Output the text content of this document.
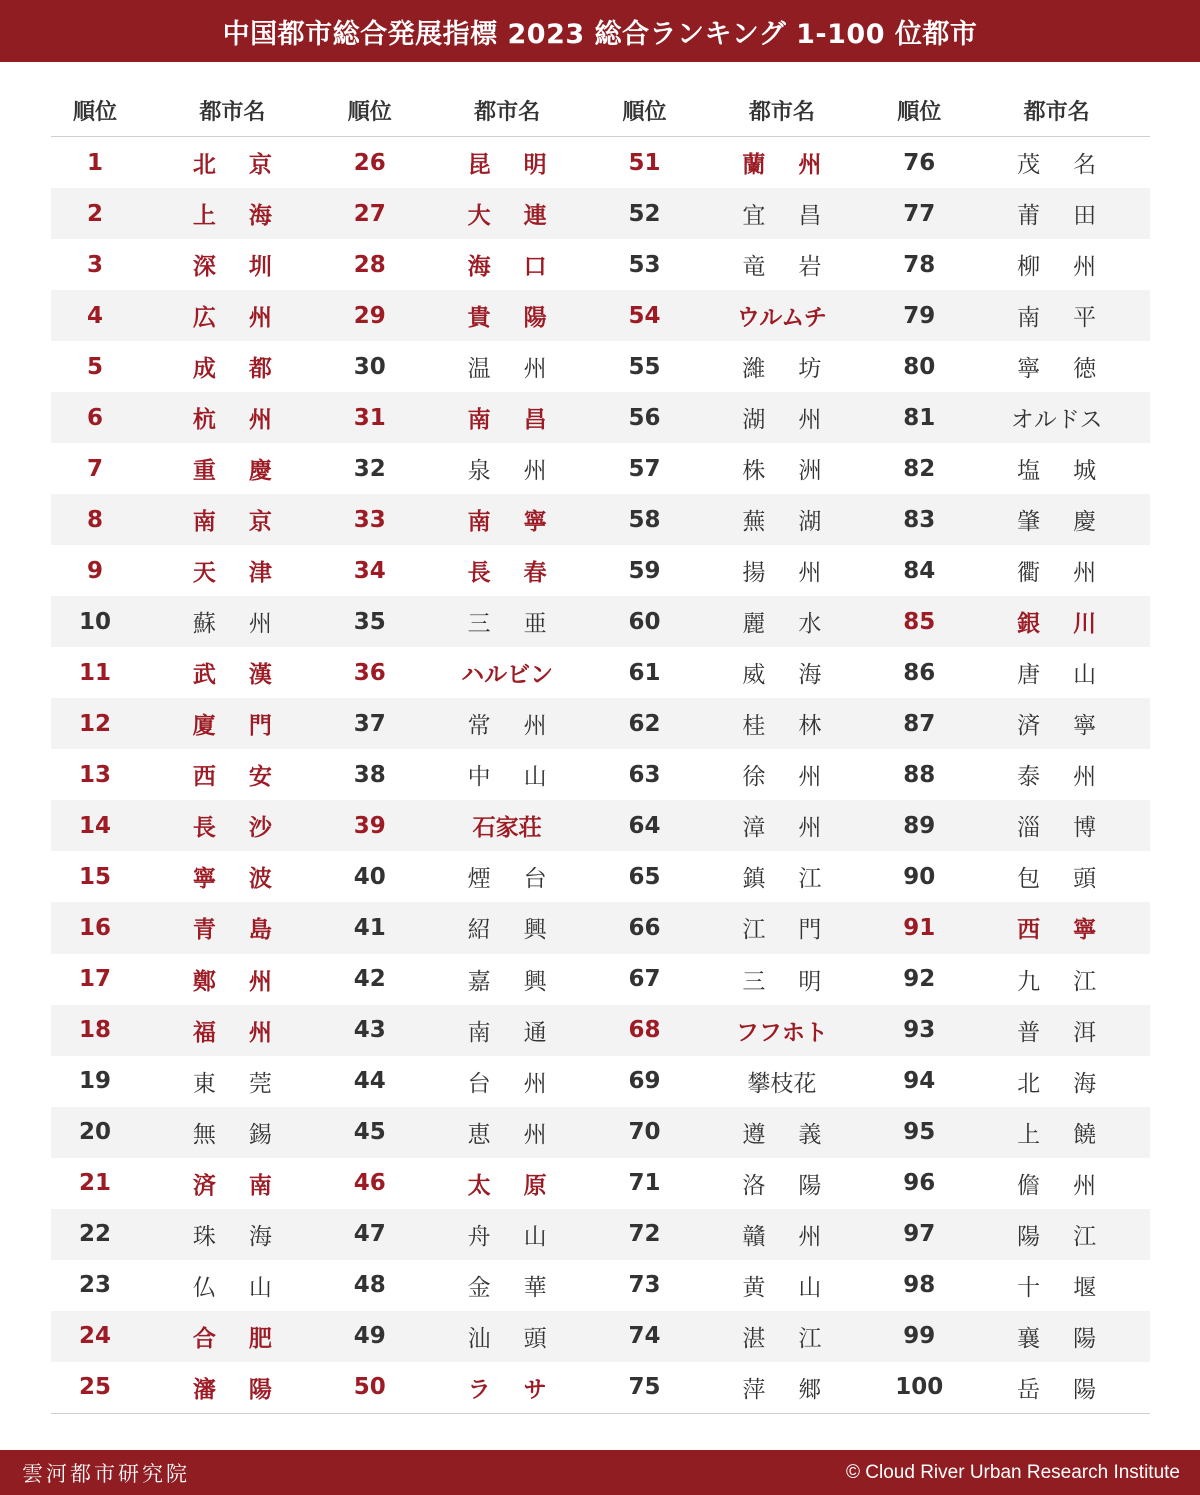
中国都市総合発展指標 2023 総合ランキング 1-100 位都市
順位	都市名	順位	都市名	順位	都市名	順位	都市名
1	北 京	26	昆 明	51	蘭 州	76	茂 名
2	上 海	27	大 連	52	宜 昌	77	莆 田
3	深 圳	28	海 口	53	竜 岩	78	柳 州
4	広 州	29	貴 陽	54	ウルムチ	79	南 平
5	成 都	30	温 州	55	濰 坊	80	寧 徳
6	杭 州	31	南 昌	56	湖 州	81	オルドス
7	重 慶	32	泉 州	57	株 洲	82	塩 城
8	南 京	33	南 寧	58	蕪 湖	83	肇 慶
9	天 津	34	長 春	59	揚 州	84	衢 州
10	蘇 州	35	三 亜	60	麗 水	85	銀 川
11	武 漢	36	ハルビン	61	威 海	86	唐 山
12	廈 門	37	常 州	62	桂 林	87	済 寧
13	西 安	38	中 山	63	徐 州	88	泰 州
14	長 沙	39	石家荘	64	漳 州	89	淄 博
15	寧 波	40	煙 台	65	鎮 江	90	包 頭
16	青 島	41	紹 興	66	江 門	91	西 寧
17	鄭 州	42	嘉 興	67	三 明	92	九 江
18	福 州	43	南 通	68	フフホト	93	普 洱
19	東 莞	44	台 州	69	攀枝花	94	北 海
20	無 錫	45	恵 州	70	遵 義	95	上 饒
21	済 南	46	太 原	71	洛 陽	96	儋 州
22	珠 海	47	舟 山	72	贛 州	97	陽 江
23	仏 山	48	金 華	73	黄 山	98	十 堰
24	合 肥	49	汕 頭	74	湛 江	99	襄 陽
25	瀋 陽	50	ラ サ	75	萍 郷	100	岳 陽
雲河都市研究院	© Cloud River Urban Research Institute
